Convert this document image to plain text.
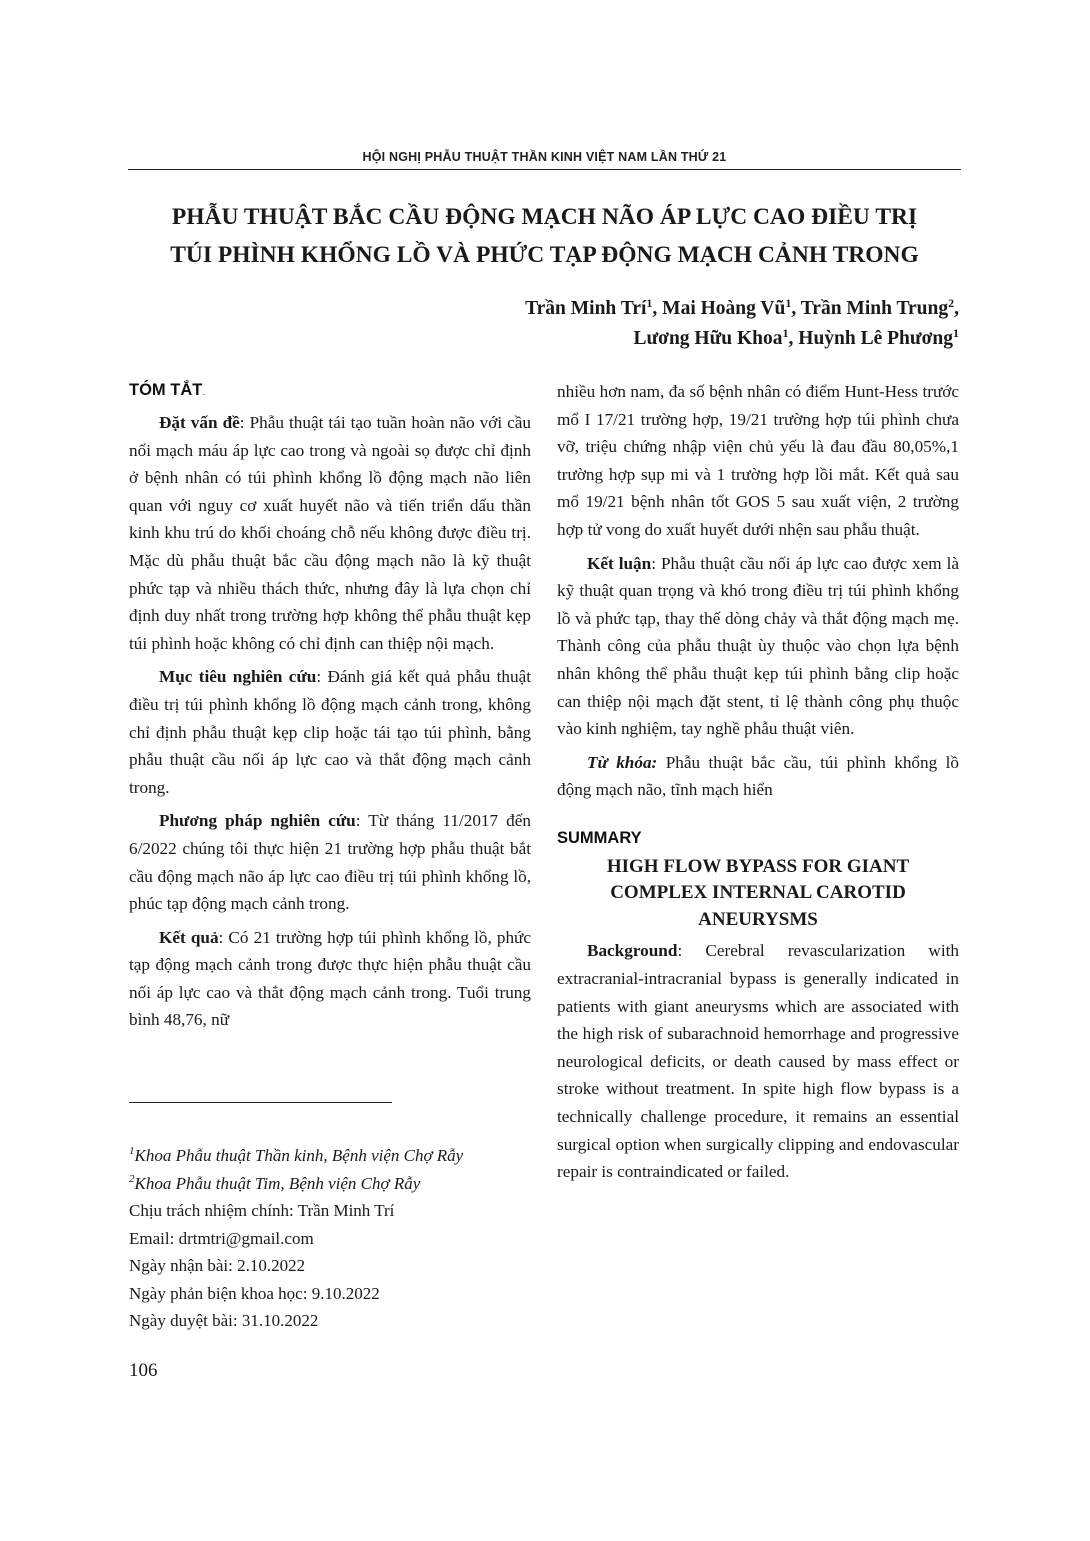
HỘI NGHỊ PHẪU THUẬT THẦN KINH VIỆT NAM LẦN THỨ 21
PHẪU THUẬT BẮC CẦU ĐỘNG MẠCH NÃO ÁP LỰC CAO ĐIỀU TRỊ
TÚI PHÌNH KHỔNG LỒ VÀ PHỨC TẠP ĐỘNG MẠCH CẢNH TRONG
Trần Minh Trí$^1$, Mai Hoàng $Vũ^1$, Trần Minh Trung$^2$,
Lương Hữu Khoa$^1$, Huỳnh Lê Phương$^1$
TÓM TẮT.

Đặt vấn đề: Phẫu thuật tái tạo tuần hoàn não với cầu nối mạch máu áp lực cao trong và ngoài sọ được chỉ định ở bệnh nhân có túi phình khổng lồ động mạch não liên quan với nguy cơ xuất huyết não và tiến triển dấu thần kinh khu trú do khối choáng chỗ nếu không được điều trị. Mặc dù phẫu thuật bắc cầu động mạch não là kỹ thuật phức tạp và nhiều thách thức, nhưng đây là lựa chọn chỉ định duy nhất trong trường hợp không thể phẫu thuật kẹp túi phình hoặc không có chỉ định can thiệp nội mạch.

Mục tiêu nghiên cứu: Đánh giá kết quả phẫu thuật điều trị túi phình khổng lồ động mạch cảnh trong, không chỉ định phẫu thuật kẹp clip hoặc tái tạo túi phình, bằng phẫu thuật cầu nối áp lực cao và thắt động mạch cảnh trong.

Phương pháp nghiên cứu: Từ tháng 11/2017 đến 6/2022 chúng tôi thực hiện 21 trường hợp phẫu thuật bắt cầu động mạch não áp lực cao điều trị túi phình khổng lồ, phúc tạp động mạch cảnh trong.

Kết quả: Có 21 trường hợp túi phình khổng lồ, phức tạp động mạch cảnh trong được thực hiện phẫu thuật cầu nối áp lực cao và thắt động mạch cảnh trong. Tuổi trung bình 48,76, nữ

nhiều hơn nam, đa số bệnh nhân có điểm Hunt-Hess trước mổ I 17/21 trường hợp, 19/21 trường hợp túi phình chưa vỡ, triệu chứng nhập viện chủ yếu là đau đầu 80,05%,1 trường hợp sụp mi và 1 trường hợp lồi mắt. Kết quả sau mổ 19/21 bệnh nhân tốt GOS 5 sau xuất viện, 2 trường hợp tử vong do xuất huyết dưới nhện sau phẫu thuật.

Kết luận: Phẫu thuật cầu nối áp lực cao được xem là kỹ thuật quan trọng và khó trong điều trị túi phình khổng lồ và phức tạp, thay thế dòng chảy và thắt động mạch mẹ. Thành công của phẫu thuật ùy thuộc vào chọn lựa bệnh nhân không thể phẫu thuật kẹp túi phình bằng clip hoặc can thiệp nội mạch đặt stent, tỉ lệ thành công phụ thuộc vào kinh nghiệm, tay nghề phẫu thuật viên.

Từ khóa: Phẫu thuật bắc cầu, túi phình khổng lồ động mạch não, tĩnh mạch hiển

SUMMARY
HIGH FLOW BYPASS FOR GIANT
COMPLEX INTERNAL CAROTID
ANEURYSMS

Background: Cerebral revascularization with extracranial-intracranial bypass is generally indicated in patients with giant aneurysms which are associated with the high risk of subarachnoid hemorrhage and progressive neurological deficits, or death caused by mass effect or stroke without treatment. In spite high flow bypass is a technically challenge procedure, it remains an essential surgical option when surgically clipping and endovascular repair is contraindicated or failed.

$^1$Khoa Phẫu thuật Thần kinh, Bệnh viện Chợ Rẫy
$^2$Khoa Phẫu thuật Tim, Bệnh viện Chợ Rẫy
Chịu trách nhiệm chính: Trần Minh Trí
Email: drtmtri@gmail.com
Ngày nhận bài: 2.10.2022
Ngày phản biện khoa học: 9.10.2022
Ngày duyệt bài: 31.10.2022
106
